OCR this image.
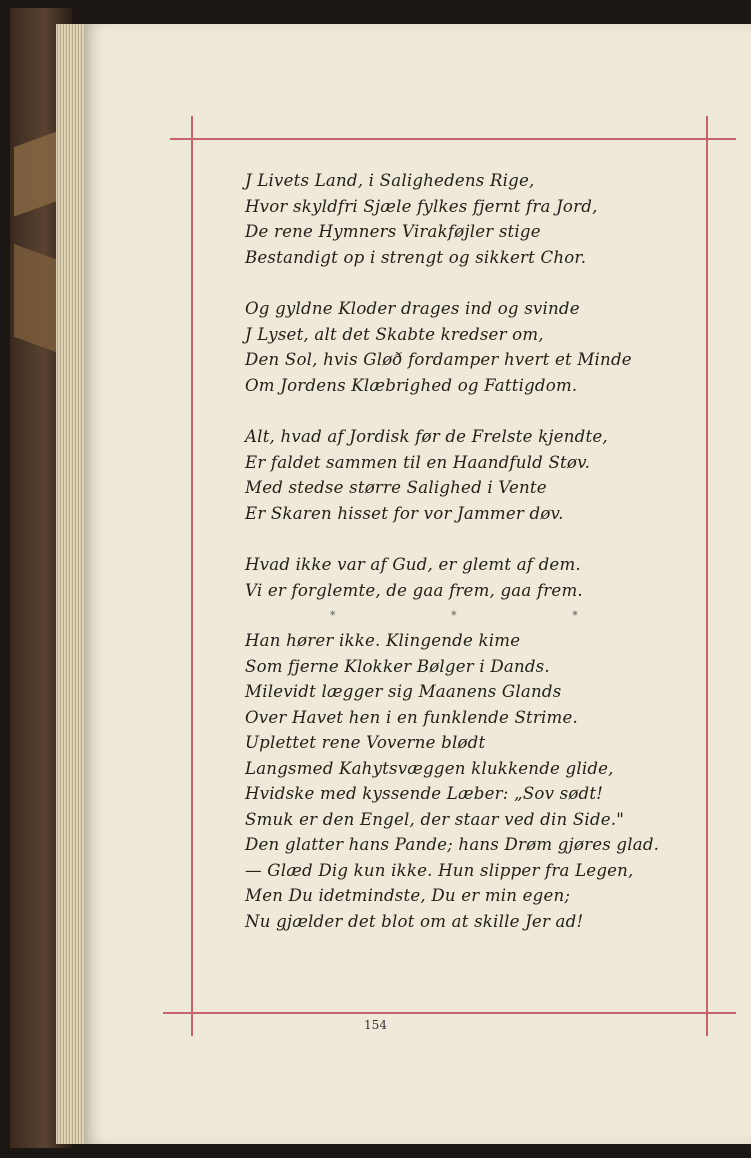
J Livets Land, i Salighedens Rige,
Hvor skyldfri Sjæle fylkes fjernt fra Jord,
De rene Hymners Virakføjler stige
Bestandigt op i strengt og sikkert Chor.
Og gyldne Kloder drages ind og svinde
J Lyset, alt det Skabte kredser om,
Den Sol, hvis Gløð fordamper hvert et Minde
Om Jordens Klæbrighed og Fattigdom.
Alt, hvad af Jordisk før de Frelste kjendte,
Er faldet sammen til en Haandfuld Støv.
Med stedse større Salighed i Vente
Er Skaren hisset for vor Jammer døv.
Hvad ikke var af Gud, er glemt af dem.
Vi er forglemte, de gaa frem, gaa frem.
*	*	*
Han hører ikke. Klingende kime
Som fjerne Klokker Bølger i Dands.
Milevidt lægger sig Maanens Glands
Over Havet hen i en funklende Strime.
Uplettet rene Voverne blødt
Langsmed Kahytsvæggen klukkende glide,
Hvidske med kyssende Læber: „Sov sødt!
Smuk er den Engel, der staar ved din Side."
Den glatter hans Pande; hans Drøm gjøres glad.
— Glæd Dig kun ikke. Hun slipper fra Legen,
Men Du idetmindste, Du er min egen;
Nu gjælder det blot om at skille Jer ad!
154
